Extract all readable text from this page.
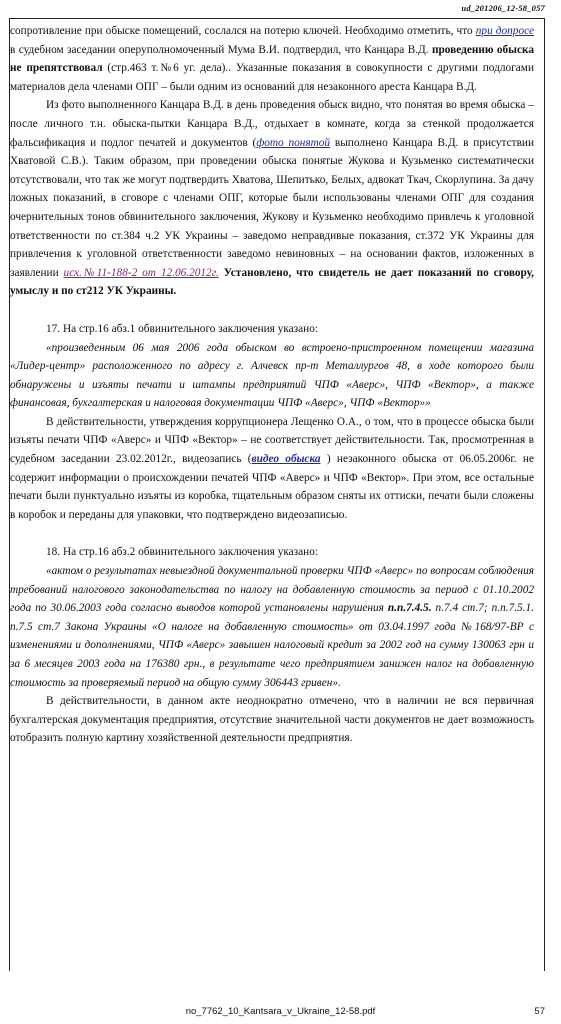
ud_201206_12-58_057

сопротивление при обыске помещений, сослался на потерю ключей. Необходимо отметить, что при допросе в судебном заседании оперуполномоченный Мума В.И. подтвердил, что Канцара В.Д. проведению обыска не препятствовал (стр.463 т.№6 уг. дела).. Указанные показания в совокупности с другими подлогами материалов дела членами ОПГ – были одним из оснований для незаконного ареста Канцара В.Д.

Из фото выполненного Канцара В.Д. в день проведения обыск видно, что понятая во время обыска – после личного т.н. обыска-пытки Канцара В.Д., отдыхает в комнате, когда за стенкой продолжается фальсификация и подлог печатей и документов (фото понятой выполнено Канцара В.Д. в присутствии Хватовой С.В.). Таким образом, при проведении обыска понятые Жукова и Кузьменко систематически отсутствовали, что так же могут подтвердить Хватова, Шепитько, Белых, адвокат Ткач, Скорлупина. За дачу ложных показаний, в сговоре с членами ОПГ, которые были использованы членами ОПГ для создания очернительных тонов обвинительного заключения, Жукову и Кузьменко необходимо привлечь к уголовной ответственности по ст.384 ч.2 УК Украины – заведомо неправдивые показания, ст.372 УК Украины для привлечения к уголовной ответственности заведомо невиновных – на основании фактов, изложенных в заявлении исх.№11-188-2 от 12.06.2012г. Установлено, что свидетель не дает показаний по сговору, умыслу и по ст212 УК Украины.

17. На стр.16 абз.1 обвинительного заключения указано:

«произведенным 06 мая 2006 года обыском во встроено-пристроенном помещении магазина «Лидер-центр» расположенного по адресу г. Алчевск пр-т Металлургов 48, в ходе которого были обнаружены и изъяты печати и штампы предприятий ЧПФ «Аверс», ЧПФ «Вектор», а также финансовая, бухгалтерская и налоговая документации ЧПФ «Аверс», ЧПФ «Вектор»»

В действительности, утверждения коррупционера Лещенко О.А., о том, что в процессе обыска были изъяты печати ЧПФ «Аверс» и ЧПФ «Вектор» – не соответствует действительности. Так, просмотренная в судебном заседании 23.02.2012г., видеозапись (видео обыска ) незаконного обыска от 06.05.2006г. не содержит информации о происхождении печатей ЧПФ «Аверс» и ЧПФ «Вектор». При этом, все остальные печати были пунктуально изъяты из коробка, тщательным образом сняты их оттиски, печати были сложены в коробок и переданы для упаковки, что подтверждено видеозаписью.

18. На стр.16 абз.2 обвинительного заключения указано:

«актом о результатах невыездной документальной проверки ЧПФ «Аверс» по вопросам соблюдения требований налогового законодательства по налогу на добавленную стоимость за период с 01.10.2002 года по 30.06.2003 года согласно выводов которой установлены нарушения п.п.7.4.5. п.7.4 ст.7; п.п.7.5.1. п.7.5 ст.7 Закона Украины «О налоге на добавленную стоимость» от 03.04.1997 года №168/97-ВР с изменениями и дополнениями, ЧПФ «Аверс» завышен налоговый кредит за 2002 год на сумму 130063 грн и за 6 месяцев 2003 года на 176380 грн., в результате чего предприятием занижен налог на добавленную стоимость за проверяемый период на общую сумму 306443 гривен».

В действительности, в данном акте неоднократно отмечено, что в наличии не вся первичная бухгалтерская документация предприятия, отсутствие значительной части документов не дает возможность отобразить полную картину хозяйственной деятельности предприятия.

no_7762_10_Kantsara_v_Ukraine_12-58.pdf	57
